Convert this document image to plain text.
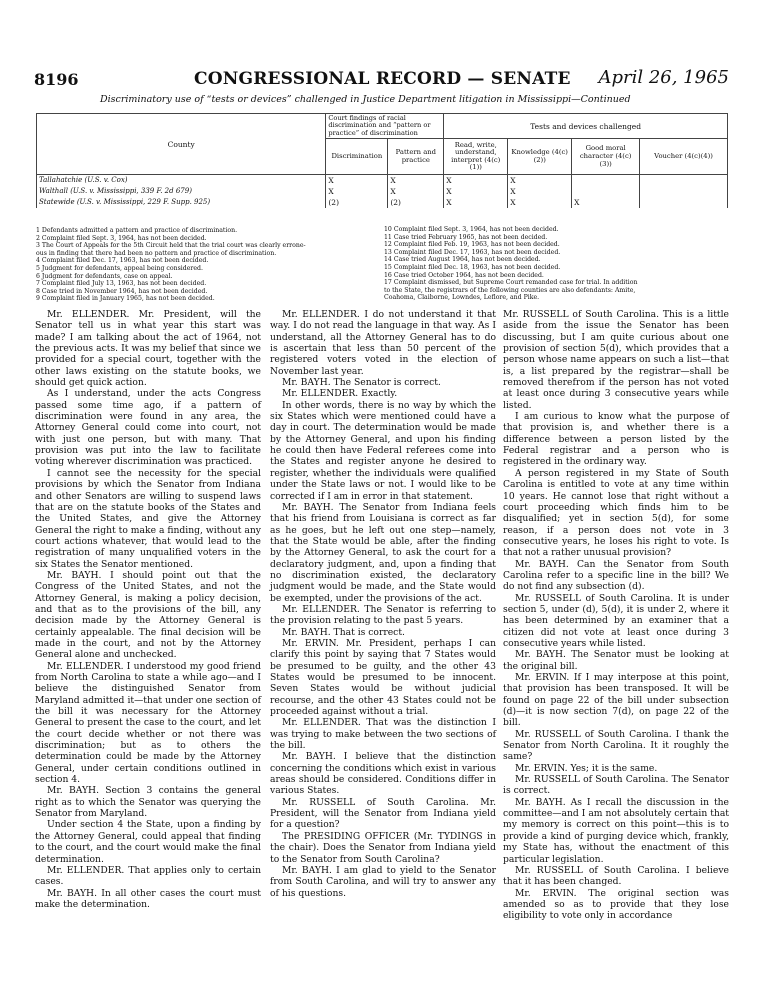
8196	CONGRESSIONAL RECORD — SENATE April 26, 1965
Discriminatory use of “tests or devices” challenged in Justice Department litigation in Mississippi—Continued
County	Court findings of racial discrimination and “pattern or practice” of discrimination		Tests and devices challenged			
	Discrimination	Pattern and practice	Read, write, understand, interpret (4(c)(1))	Knowledge (4(c)(2))	Good moral character (4(c)(3))	Voucher (4(c)(4))
Tallahatchie (U.S. v. Cox)	X	X	X	X		
Walthall (U.S. v. Mississippi, 339 F. 2d 679)	X	X	X	X		
Statewide (U.S. v. Mississippi, 229 F. Supp. 925)	(2)	(2)	X	X	X	
1 Defendants admitted a pattern and practice of discrimination.
2 Complaint filed Sept. 3, 1964, has not been decided.
3 The Court of Appeals for the 5th Circuit held that the trial court was clearly errone-
ous in finding that there had been no pattern and practice of discrimination.
4 Complaint filed Dec. 17, 1963, has not been decided.
5 Judgment for defendants, appeal being considered.
6 Judgment for defendants, case on appeal.
7 Complaint filed July 13, 1963, has not been decided.
8 Case tried in November 1964, has not been decided.
9 Complaint filed in January 1965, has not been decided.
10 Complaint filed Sept. 3, 1964, has not been decided.
11 Case tried February 1965, has not been decided.
12 Complaint filed Feb. 19, 1963, has not been decided.
13 Complaint filed Dec. 17, 1963, has not been decided.
14 Case tried August 1964, has not been decided.
15 Complaint filed Dec. 18, 1963, has not been decided.
16 Case tried October 1964, has not been decided.
17 Complaint dismissed, but Supreme Court remanded case for trial. In addition
to the State, the registrars of the following counties are also defendants: Amite,
Coahoma, Claiborne, Lowndes, Leflore, and Pike.

Mr. ELLENDER. Mr. President, will the Senator tell us in what year this start was made? I am talking about the act of 1964, not the previous acts. It was my belief that since we provided for a special court, together with the other laws existing on the statute books, we should get quick action.

As I understand, under the acts Congress passed some time ago, if a pattern of discrimination were found in any area, the Attorney General could come into court, not with just one person, but with many. That provision was put into the law to facilitate voting wherever discrimination was practiced.

I cannot see the necessity for the special provisions by which the Senator from Indiana and other Senators are willing to suspend laws that are on the statute books of the States and the United States, and give the Attorney General the right to make a finding, without any court actions whatever, that would lead to the registration of many unqualified voters in the six States the Senator mentioned.

Mr. BAYH. I should point out that the Congress of the United States, and not the Attorney General, is making a policy decision, and that as to the provisions of the bill, any decision made by the Attorney General is certainly appealable. The final decision will be made in the court, and not by the Attorney General alone and unchecked.

Mr. ELLENDER. I understood my good friend from North Carolina to state a while ago—and I believe the distinguished Senator from Maryland admitted it—that under one section of the bill it was necessary for the Attorney General to present the case to the court, and let the court decide whether or not there was discrimination; but as to others the determination could be made by the Attorney General, under certain conditions outlined in section 4.

Mr. BAYH. Section 3 contains the general right as to which the Senator was querying the Senator from Maryland.

Under section 4 the State, upon a finding by the Attorney General, could appeal that finding to the court, and the court would make the final determination.

Mr. ELLENDER. That applies only to certain cases.

Mr. BAYH. In all other cases the court must make the determination.

Mr. ELLENDER. I do not understand it that way. I do not read the language in that way. As I understand, all the Attorney General has to do is ascertain that less than 50 percent of the registered voters voted in the election of November last year.

Mr. BAYH. The Senator is correct.

Mr. ELLENDER. Exactly.

In other words, there is no way by which the six States which were mentioned could have a day in court. The determination would be made by the Attorney General, and upon his finding he could then have Federal referees come into the States and register anyone he desired to register, whether the individuals were qualified under the State laws or not. I would like to be corrected if I am in error in that statement.

Mr. BAYH. The Senator from Indiana feels that his friend from Louisiana is correct as far as he goes, but he left out one step—namely, that the State would be able, after the finding by the Attorney General, to ask the court for a declaratory judgment, and, upon a finding that no discrimination existed, the declaratory judgment would be made, and the State would be exempted, under the provisions of the act.

Mr. ELLENDER. The Senator is referring to the provision relating to the past 5 years.

Mr. BAYH. That is correct.

Mr. ERVIN. Mr. President, perhaps I can clarify this point by saying that 7 States would be presumed to be guilty, and the other 43 States would be presumed to be innocent. Seven States would be without judicial recourse, and the other 43 States could not be proceeded against without a trial.

Mr. ELLENDER. That was the distinction I was trying to make between the two sections of the bill.

Mr. BAYH. I believe that the distinction concerning the conditions which exist in various areas should be considered. Conditions differ in various States.

Mr. RUSSELL of South Carolina. Mr. President, will the Senator from Indiana yield for a question?

The PRESIDING OFFICER (Mr. TYDINGS in the chair). Does the Senator from Indiana yield to the Senator from South Carolina?

Mr. BAYH. I am glad to yield to the Senator from South Carolina, and will try to answer any of his questions.

Mr. RUSSELL of South Carolina. This is a little aside from the issue the Senator has been discussing, but I am quite curious about one provision of section 5(d), which provides that a person whose name appears on such a list—that is, a list prepared by the registrar—shall be removed therefrom if the person has not voted at least once during 3 consecutive years while listed.

I am curious to know what the purpose of that provision is, and whether there is a difference between a person listed by the Federal registrar and a person who is registered in the ordinary way.

A person registered in my State of South Carolina is entitled to vote at any time within 10 years. He cannot lose that right without a court proceeding which finds him to be disqualified; yet in section 5(d), for some reason, if a person does not vote in 3 consecutive years, he loses his right to vote. Is that not a rather unusual provision?

Mr. BAYH. Can the Senator from South Carolina refer to a specific line in the bill? We do not find any subsection (d).

Mr. RUSSELL of South Carolina. It is under section 5, under (d), 5(d), it is under 2, where it has been determined by an examiner that a citizen did not vote at least once during 3 consecutive years while listed.

Mr. BAYH. The Senator must be looking at the original bill.

Mr. ERVIN. If I may interpose at this point, that provision has been transposed. It will be found on page 22 of the bill under subsection (d)—it is now section 7(d), on page 22 of the bill.

Mr. RUSSELL of South Carolina. I thank the Senator from North Carolina. It it roughly the same?

Mr. ERVIN. Yes; it is the same.

Mr. RUSSELL of South Carolina. The Senator is correct.

Mr. BAYH. As I recall the discussion in the committee—and I am not absolutely certain that my memory is correct on this point—this is to provide a kind of purging device which, frankly, my State has, without the enactment of this particular legislation.

Mr. RUSSELL of South Carolina. I believe that it has been changed.

Mr. ERVIN. The original section was amended so as to provide that they lose eligibility to vote only in accordance
